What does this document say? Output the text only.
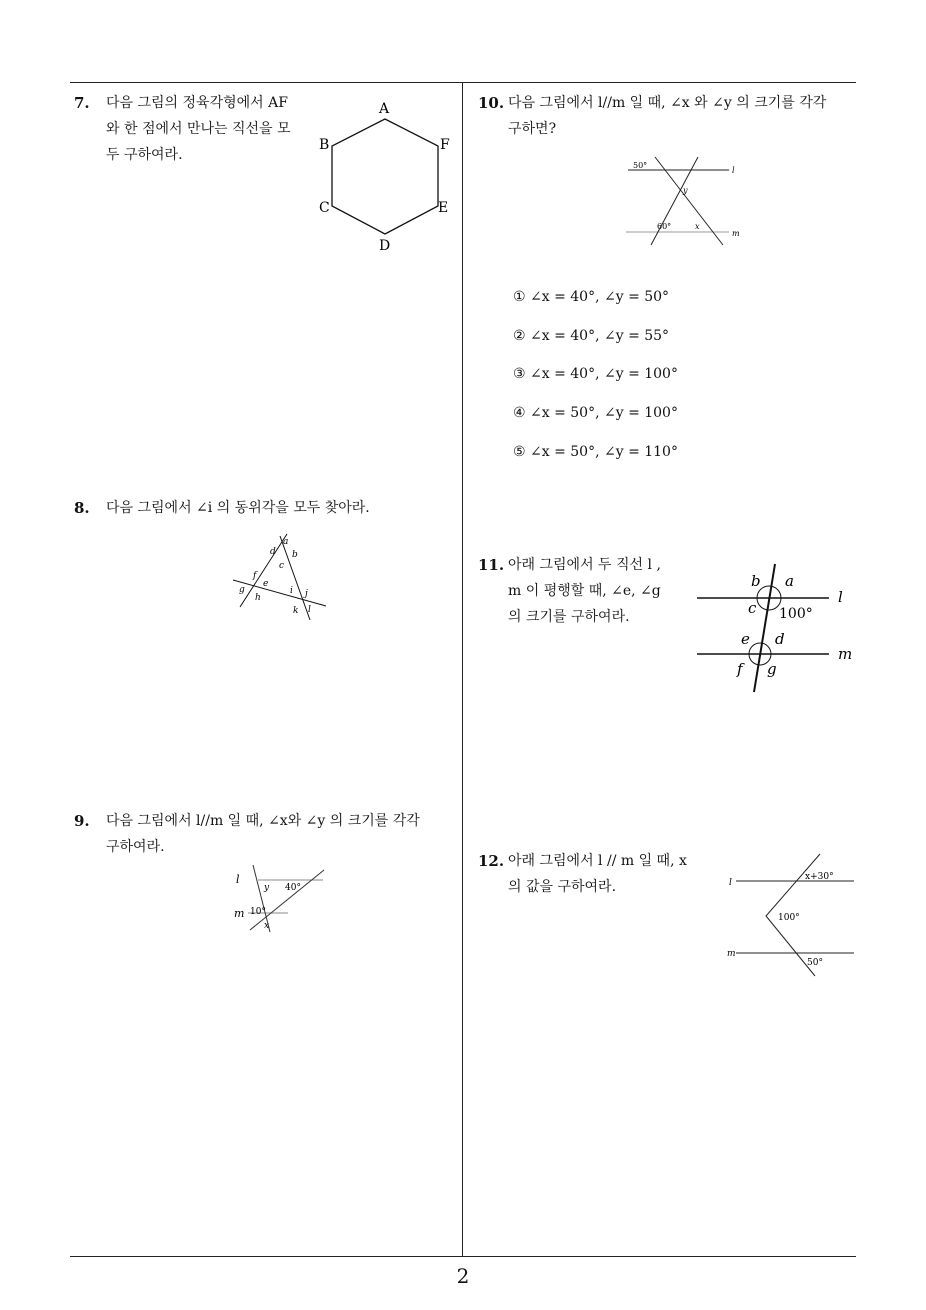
7. 다음 그림의 정육각형에서 AF
와 한 점에서 만나는 직선을 모
두 구하여라.
A
F
B
C	E
D
8. 다음 그림에서 ∠i 의 동위각을 모두 찾아라.
a
d b
c
f
e
g
h
i j
k l
9. 다음 그림에서 l//m 일 때, ∠x와 ∠y 의 크기를 각각
구하여라.
l
m
y 40°
10°
x
10. 다음 그림에서 l//m 일 때, ∠x 와 ∠y 의 크기를 각각
구하면?
50°
l
y
60°	x
m
① ∠x = 40°, ∠y = 50°
② ∠x = 40°, ∠y = 55°
③ ∠x = 40°, ∠y = 100°
④ ∠x = 50°, ∠y = 100°
⑤ ∠x = 50°, ∠y = 110°
11. 아래 그림에서 두 직선 l ,
m 이 평행할 때, ∠e, ∠g
의 크기를 구하여라.
b a
l
c
e d
m
f g
100°
12. 아래 그림에서 l // m 일 때, x
의 값을 구하여라.	l
x+30°
100°
m
50°
2
